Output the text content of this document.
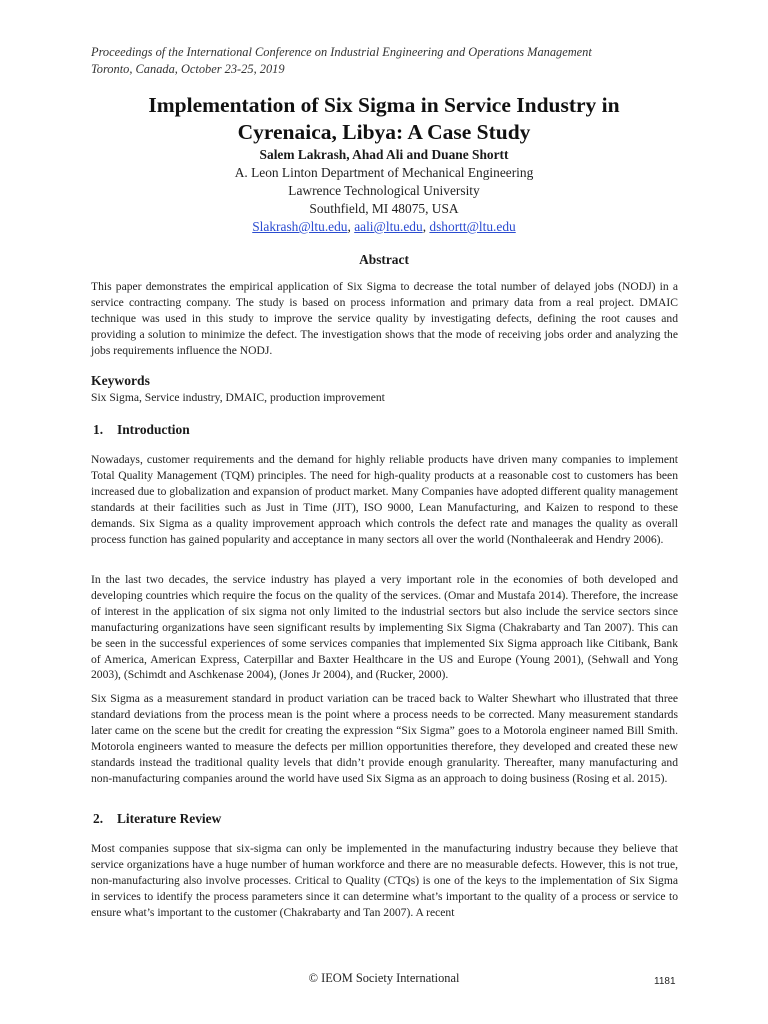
Proceedings of the International Conference on Industrial Engineering and Operations Management
Toronto, Canada, October 23-25, 2019
Implementation of Six Sigma in Service Industry in
Cyrenaica, Libya: A Case Study
Salem Lakrash, Ahad Ali and Duane Shortt
A. Leon Linton Department of Mechanical Engineering
Lawrence Technological University
Southfield, MI 48075, USA
Slakrash@ltu.edu, aali@ltu.edu, dshortt@ltu.edu
Abstract
This paper demonstrates the empirical application of Six Sigma to decrease the total number of delayed jobs (NODJ) in a service contracting company. The study is based on process information and primary data from a real project. DMAIC technique was used in this study to improve the service quality by investigating defects, defining the root causes and providing a solution to minimize the defect. The investigation shows that the mode of receiving jobs order and analyzing the jobs requirements influence the NODJ.
Keywords
Six Sigma, Service industry, DMAIC, production improvement
1. Introduction
Nowadays, customer requirements and the demand for highly reliable products have driven many companies to implement Total Quality Management (TQM) principles. The need for high-quality products at a reasonable cost to customers has been increased due to globalization and expansion of product market. Many Companies have adopted different quality management standards at their facilities such as Just in Time (JIT), ISO 9000, Lean Manufacturing, and Kaizen to respond to these demands. Six Sigma as a quality improvement approach which controls the defect rate and manages the quality as overall process function has gained popularity and acceptance in many sectors all over the world (Nonthaleerak and Hendry 2006).
In the last two decades, the service industry has played a very important role in the economies of both developed and developing countries which require the focus on the quality of the services. (Omar and Mustafa 2014). Therefore, the increase of interest in the application of six sigma not only limited to the industrial sectors but also include the service sectors since manufacturing organizations have seen significant results by implementing Six Sigma (Chakrabarty and Tan 2007). This can be seen in the successful experiences of some services companies that implemented Six Sigma approach like Citibank, Bank of America, American Express, Caterpillar and Baxter Healthcare in the US and Europe (Young 2001), (Sehwall and Yong 2003), (Schimdt and Aschkenase 2004), (Jones Jr 2004), and (Rucker, 2000).
Six Sigma as a measurement standard in product variation can be traced back to Walter Shewhart who illustrated that three standard deviations from the process mean is the point where a process needs to be corrected. Many measurement standards later came on the scene but the credit for creating the expression “Six Sigma” goes to a Motorola engineer named Bill Smith. Motorola engineers wanted to measure the defects per million opportunities therefore, they developed and created these new standards instead the traditional quality levels that didn’t provide enough granularity. Thereafter, many manufacturing and non-manufacturing companies around the world have used Six Sigma as an approach to doing business (Rosing et al. 2015).
2. Literature Review
Most companies suppose that six-sigma can only be implemented in the manufacturing industry because they believe that service organizations have a huge number of human workforce and there are no measurable defects. However, this is not true, non-manufacturing also involve processes. Critical to Quality (CTQs) is one of the keys to the implementation of Six Sigma in services to identify the process parameters since it can determine what’s important to the quality of a process or service to ensure what’s important to the customer (Chakrabarty and Tan 2007). A recent
© IEOM Society International	1181
